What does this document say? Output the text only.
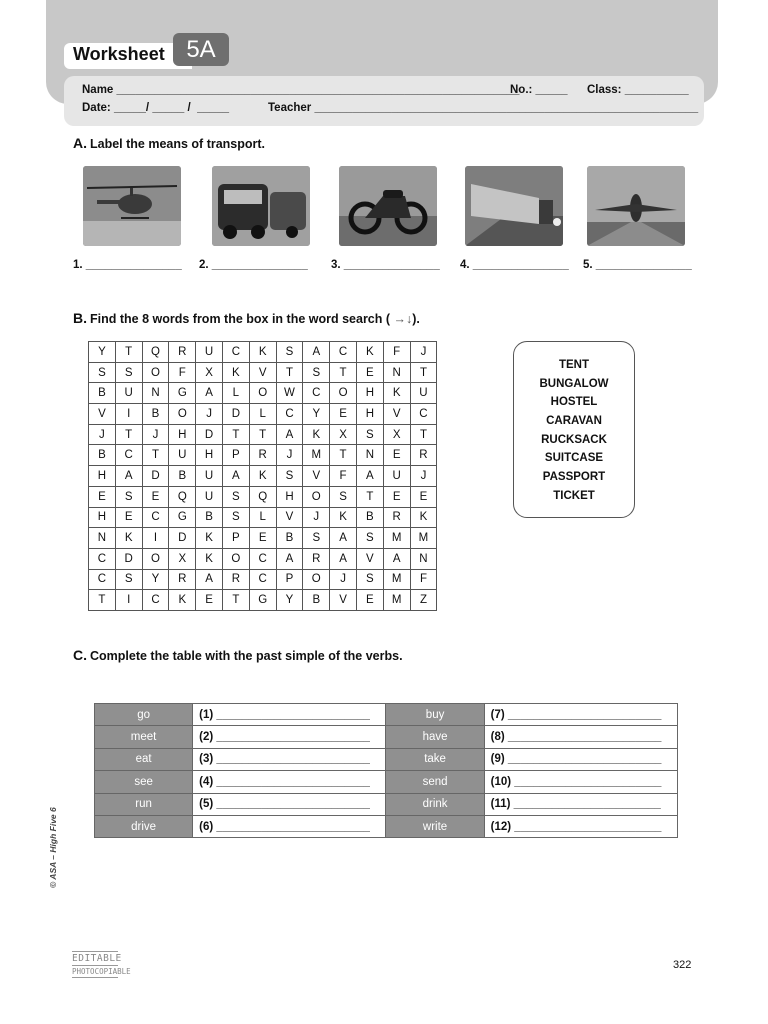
Worksheet 5A
Name _______________________________________________________________
No.: _____ Class: __________
Date: _____/ _____ /  _____	Teacher ____________________________________________________________
A. Label the means of transport.
1. _______________ 2. _______________ 3. _______________ 4. _______________ 5. _______________
B. Find the 8 words from the box in the word search ( →↓).
Y	T	Q	R	U	C	K	S	A	C	K	F	J
S	S	O	F	X	K	V	T	S	T	E	N	T
B	U	N	G	A	L	O	W	C	O	H	K	U
V	I	B	O	J	D	L	C	Y	E	H	V	C
J	T	J	H	D	T	T	A	K	X	S	X	T
B	C	T	U	H	P	R	J	M	T	N	E	R
H	A	D	B	U	A	K	S	V	F	A	U	J
E	S	E	Q	U	S	Q	H	O	S	T	E	E
H	E	C	G	B	S	L	V	J	K	B	R	K
N	K	I	D	K	P	E	B	S	A	S	M	M
C	D	O	X	K	O	C	A	R	A	V	A	N
C	S	Y	R	A	R	C	P	O	J	S	M	F
T	I	C	K	E	T	G	Y	B	V	E	M	Z
TENT
BUNGALOW
HOSTEL
CARAVAN
RUCKSACK
SUITCASE
PASSPORT
TICKET
C. Complete the table with the past simple of the verbs.
go	(1) ________________________	buy	(7) ________________________
meet	(2) ________________________	have	(8) ________________________
eat	(3) ________________________	take	(9) ________________________
see	(4) ________________________	send	(10) _______________________
run	(5) ________________________	drink	(11) _______________________
drive	(6) ________________________	write	(12) _______________________
© ASA – High Five 6
EDITABLE
PHOTOCOPIABLE
322
